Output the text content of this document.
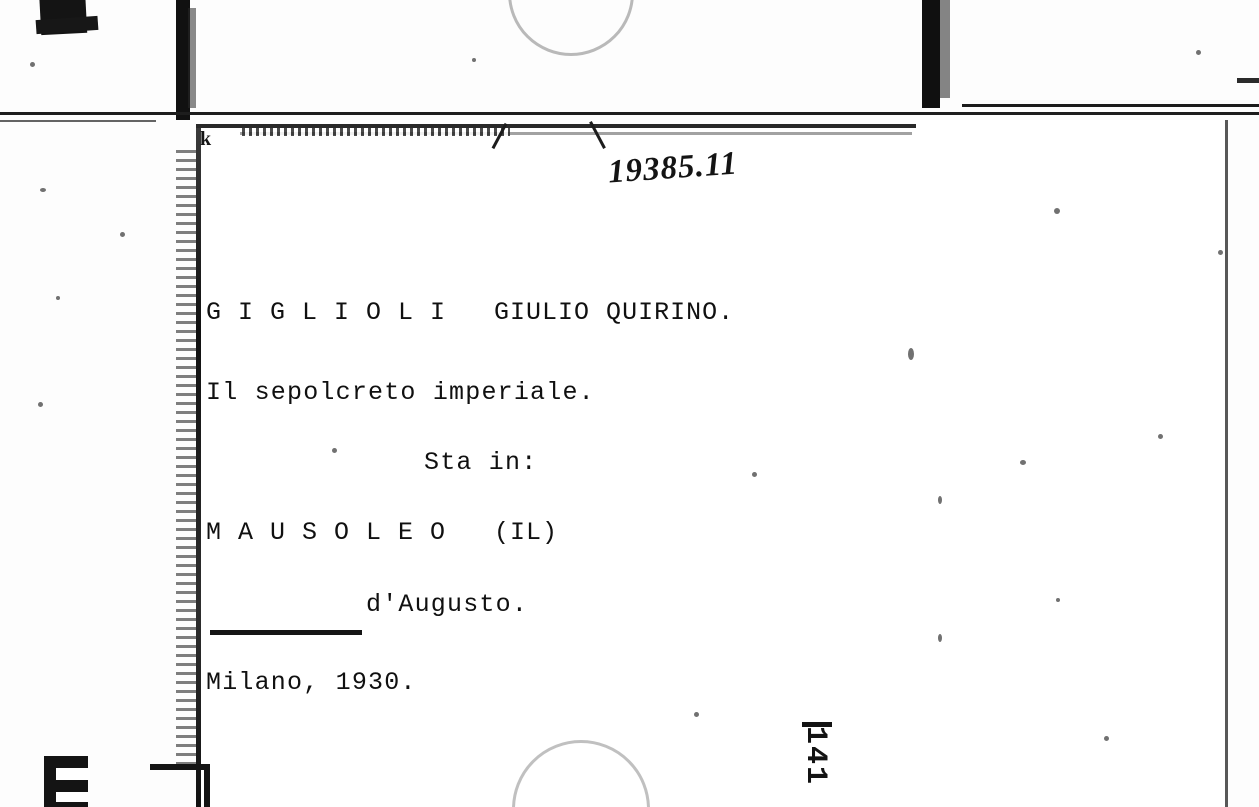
k
19385.11
G I G L I O L I   GIULIO QUIRINO.
Il sepolcreto imperiale.
Sta in:
M A U S O L E O   (IL)
d'Augusto.
Milano, 1930.
141
